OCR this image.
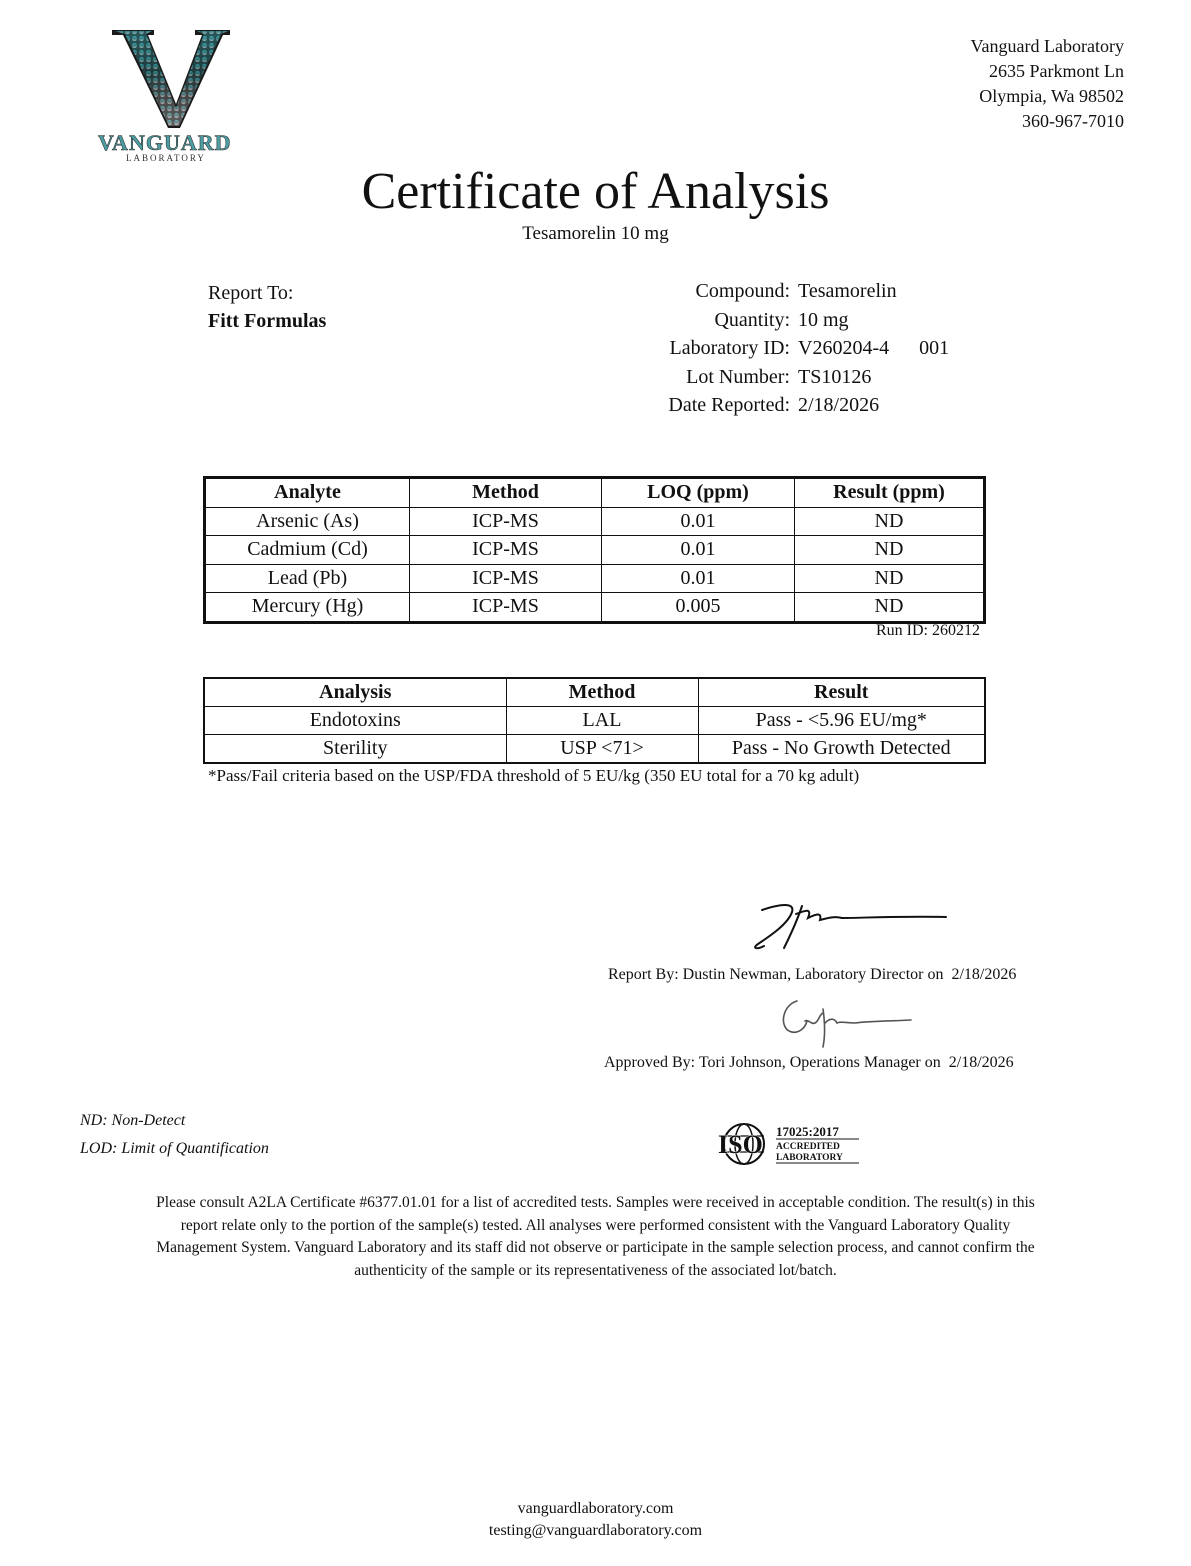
VANGUARD
LABORATORY
Vanguard Laboratory
2635 Parkmont Ln
Olympia, Wa 98502
360-967-7010
Certificate of Analysis
Tesamorelin 10 mg
Report To:
Fitt Formulas
Compound: Tesamorelin
Quantity: 10 mg
Laboratory ID: V260204-4 001
Lot Number: TS10126
Date Reported: 2/18/2026
Analyte	Method	LOQ (ppm)	Result (ppm)
Arsenic (As)	ICP-MS	0.01	ND
Cadmium (Cd)	ICP-MS	0.01	ND
Lead (Pb)	ICP-MS	0.01	ND
Mercury (Hg)	ICP-MS	0.005	ND
Run ID: 260212
Analysis	Method	Result
Endotoxins	LAL	Pass - <5.96 EU/mg*
Sterility	USP <71>	Pass - No Growth Detected
*Pass/Fail criteria based on the USP/FDA threshold of 5 EU/kg (350 EU total for a 70 kg adult)
Report By: Dustin Newman, Laboratory Director on 2/18/2026
Approved By: Tori Johnson, Operations Manager on 2/18/2026
ND: Non-Detect
LOD: Limit of Quantification	ISO 17025:2017
ACCREDITED
LABORATORY
Please consult A2LA Certificate #6377.01.01 for a list of accredited tests. Samples were received in acceptable condition. The result(s) in this
report relate only to the portion of the sample(s) tested. All analyses were performed consistent with the Vanguard Laboratory Quality
Management System. Vanguard Laboratory and its staff did not observe or participate in the sample selection process, and cannot confirm the
authenticity of the sample or its representativeness of the associated lot/batch.
vanguardlaboratory.com
testing@vanguardlaboratory.com
